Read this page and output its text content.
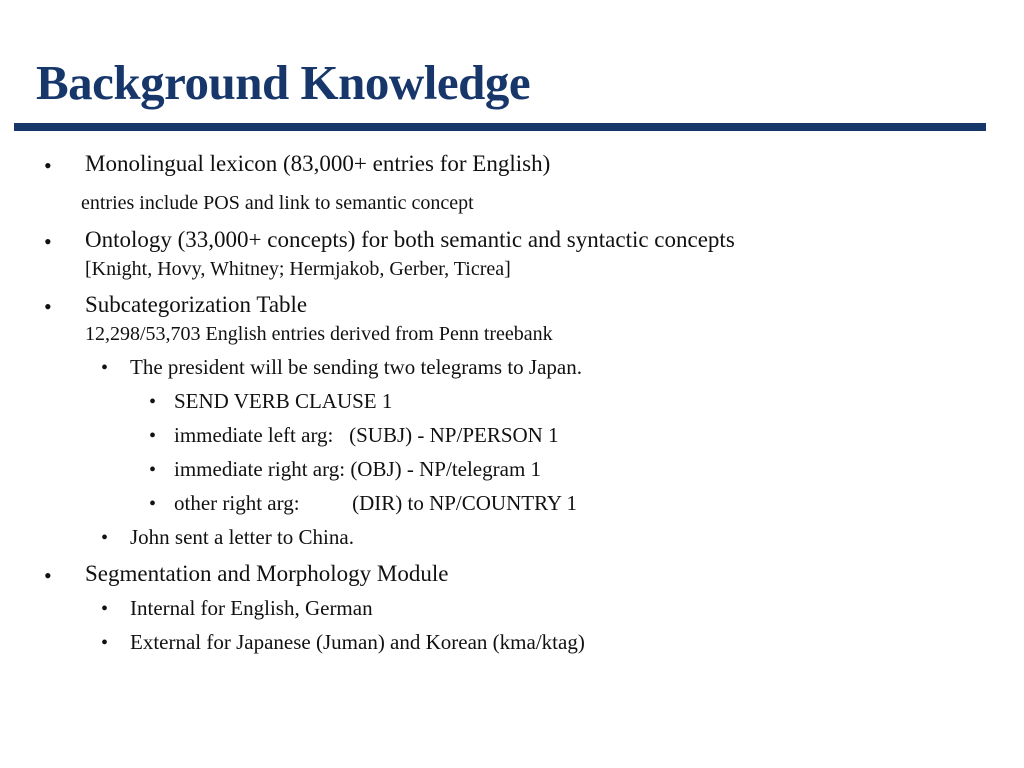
Background Knowledge
• Monolingual lexicon (83,000+ entries for English)
entries include POS and link to semantic concept
• Ontology (33,000+ concepts) for both semantic and syntactic concepts
[Knight, Hovy, Whitney; Hermjakob, Gerber, Ticrea]
• Subcategorization Table
12,298/53,703 English entries derived from Penn treebank
• The president will be sending two telegrams to Japan.
• SEND VERB CLAUSE 1
• immediate left arg:   (SUBJ) - NP/PERSON 1
• immediate right arg: (OBJ) - NP/telegram 1
• other right arg:          (DIR) to NP/COUNTRY 1
• John sent a letter to China.
• Segmentation and Morphology Module
• Internal for English, German
• External for Japanese (Juman) and Korean (kma/ktag)
